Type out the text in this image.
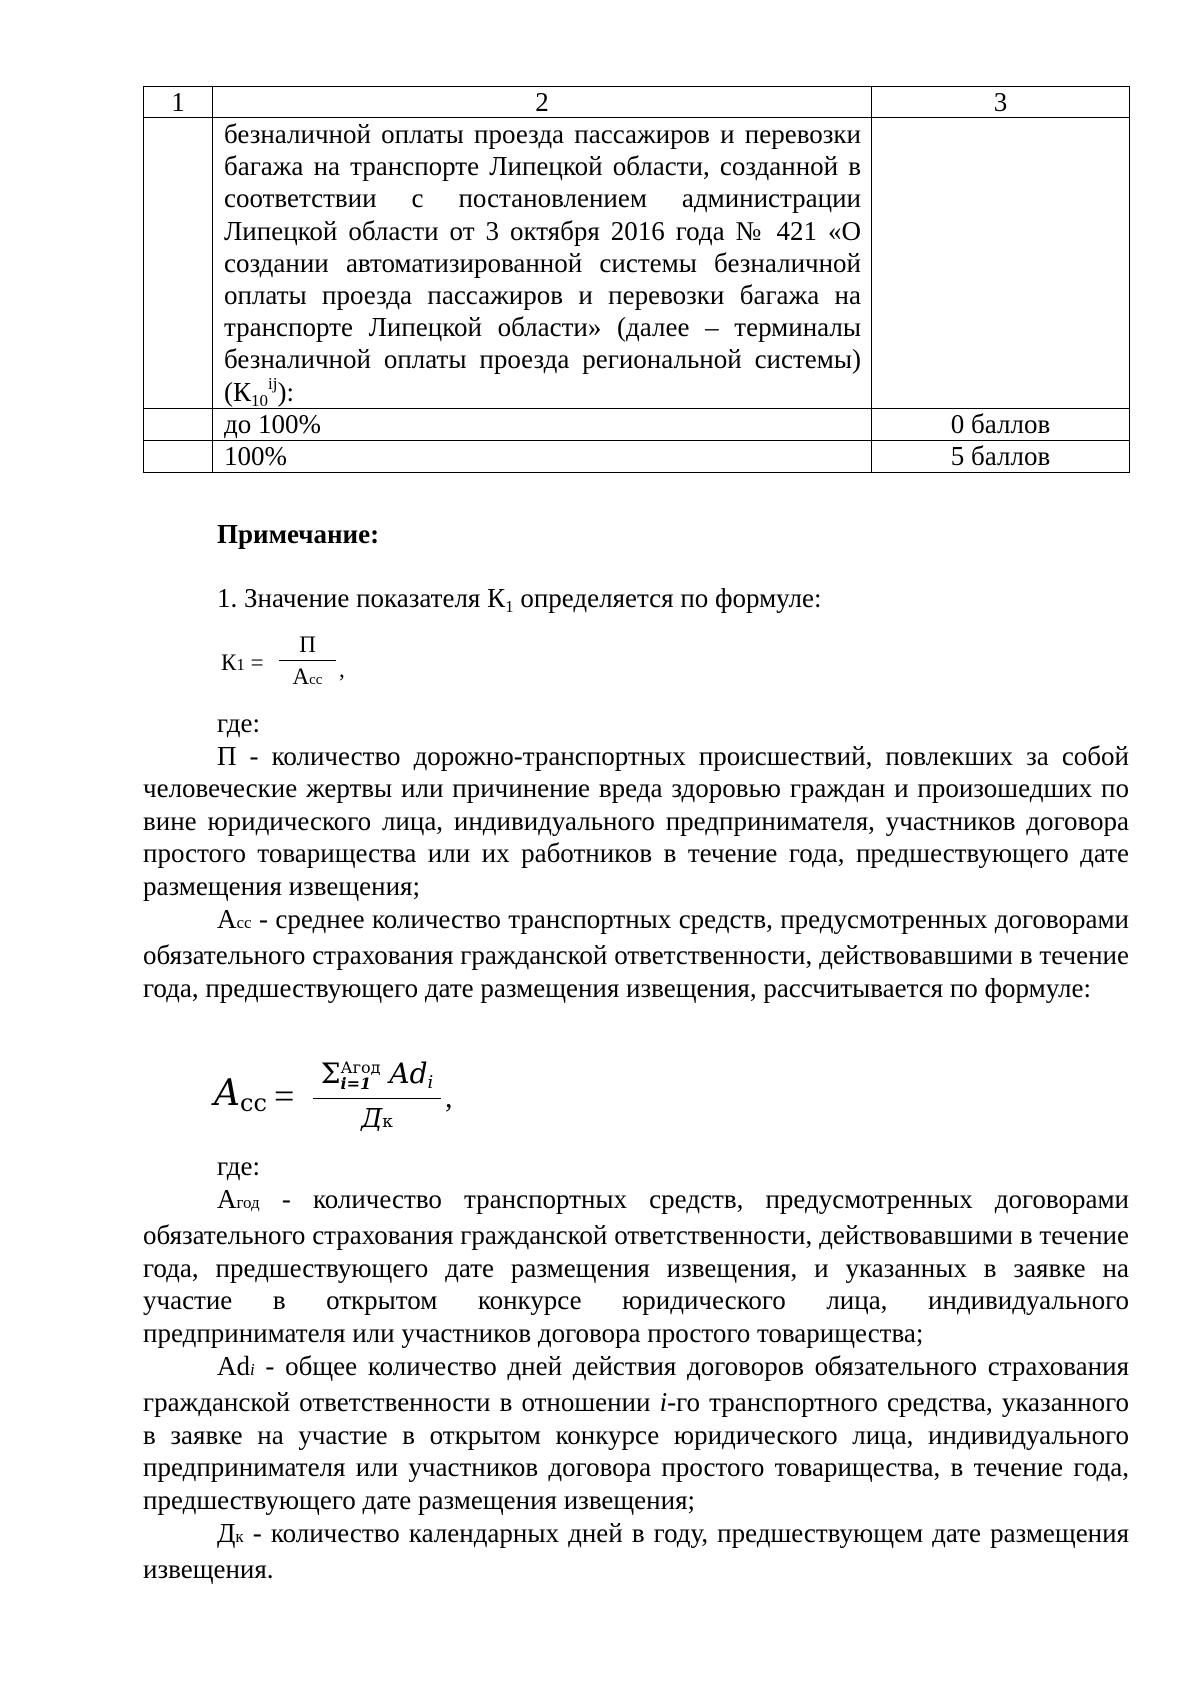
1	2	3
	безналичной оплаты проезда пассажиров и перевозки багажа на транспорте Липецкой области, созданной в соответствии с постановлением администрации Липецкой области от 3 октября 2016 года № 421 «О создании автоматизированной системы безналичной оплаты проезда пассажиров и перевозки багажа на транспорте Липецкой области» (далее – терминалы безналичной оплаты проезда региональной системы) $(К10^{ij})$:	
	до 100%	0 баллов
	100%	5 баллов
Примечание:

1. Значение показателя К1 определяется по формуле:

К1 =
П
Асс ,

где:

П - количество дорожно-транспортных происшествий, повлекших за собой человеческие жертвы или причинение вреда здоровью граждан и произошедших по вине юридического лица, индивидуального предпринимателя, участников договора простого товарищества или их работников в течение года, предшествующего дате размещения извещения;

Асс - среднее количество транспортных средств, предусмотренных договорами обязательного страхования гражданской ответственности, действовавшими в течение года, предшествующего дате размещения извещения, рассчитывается по формуле:

Aсс =
Σ Агод
i=1 Adi
Дк
,

где:

Агод - количество транспортных средств, предусмотренных договорами обязательного страхования гражданской ответственности, действовавшими в течение года, предшествующего дате размещения извещения, и указанных в заявке на участие в открытом конкурсе юридического лица, индивидуального предпринимателя или участников договора простого товарищества;

Adi - общее количество дней действия договоров обязательного страхования гражданской ответственности в отношении i-го транспортного средства, указанного в заявке на участие в открытом конкурсе юридического лица, индивидуального предпринимателя или участников договора простого товарищества, в течение года, предшествующего дате размещения извещения;

Дк - количество календарных дней в году, предшествующем дате размещения извещения.
